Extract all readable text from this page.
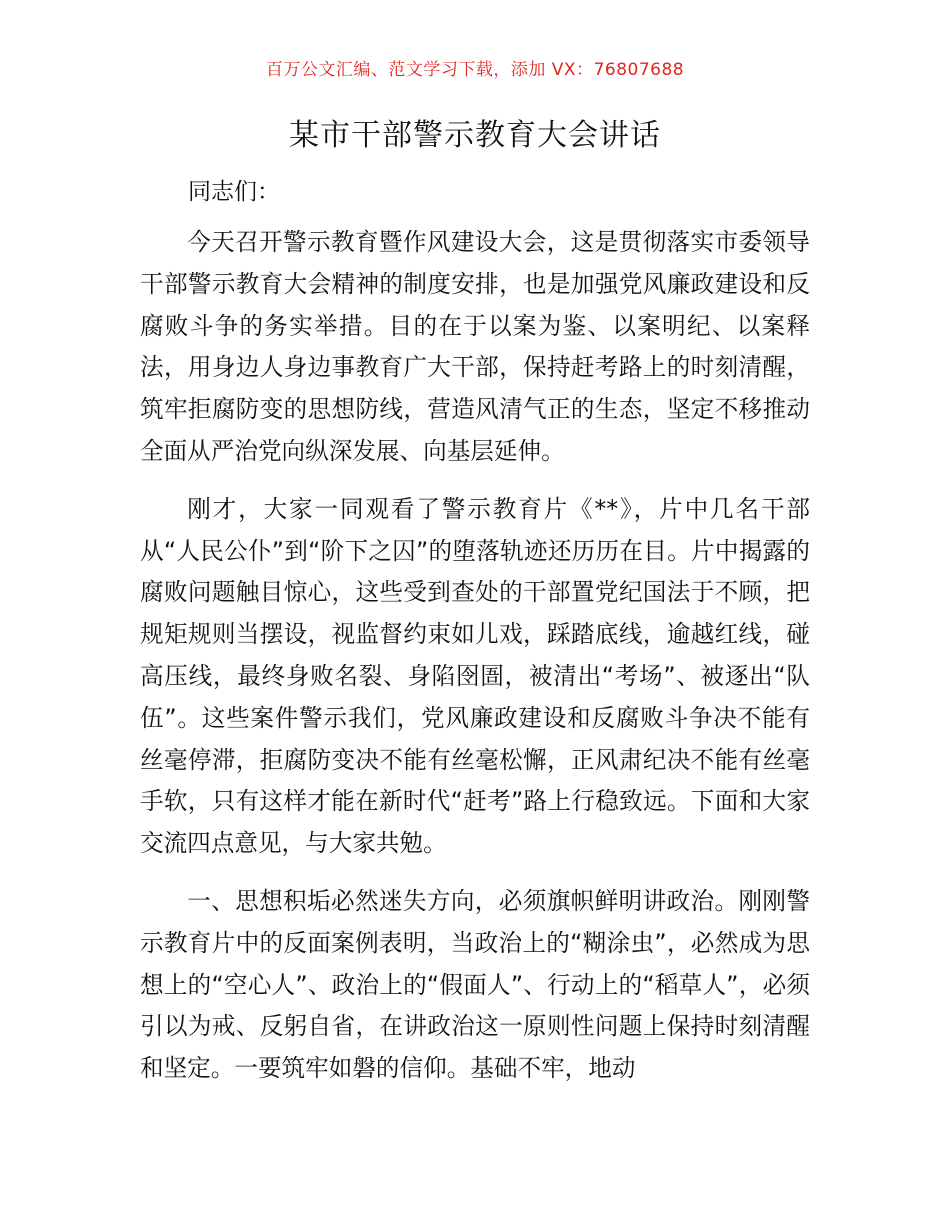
百万公文汇编、范文学习下载，添加 VX：76807688
某市干部警示教育大会讲话
同志们：

今天召开警示教育暨作风建设大会，这是贯彻落实市委领导干部警示教育大会精神的制度安排，也是加强党风廉政建设和反腐败斗争的务实举措。目的在于以案为鉴、以案明纪、以案释法，用身边人身边事教育广大干部，保持赶考路上的时刻清醒，筑牢拒腐防变的思想防线，营造风清气正的生态，坚定不移推动全面从严治党向纵深发展、向基层延伸。

刚才，大家一同观看了警示教育片《**》，片中几名干部从“人民公仆”到“阶下之囚”的堕落轨迹还历历在目。片中揭露的腐败问题触目惊心，这些受到查处的干部置党纪国法于不顾，把规矩规则当摆设，视监督约束如儿戏，踩踏底线，逾越红线，碰高压线，最终身败名裂、身陷囹圄，被清出“考场”、被逐出“队伍”。这些案件警示我们，党风廉政建设和反腐败斗争决不能有丝毫停滞，拒腐防变决不能有丝毫松懈，正风肃纪决不能有丝毫手软，只有这样才能在新时代“赶考”路上行稳致远。下面和大家交流四点意见，与大家共勉。

一、思想积垢必然迷失方向，必须旗帜鲜明讲政治。刚刚警示教育片中的反面案例表明，当政治上的“糊涂虫”，必然成为思想上的“空心人”、政治上的“假面人”、行动上的“稻草人”，必须引以为戒、反躬自省，在讲政治这一原则性问题上保持时刻清醒和坚定。一要筑牢如磐的信仰。基础不牢，地动
